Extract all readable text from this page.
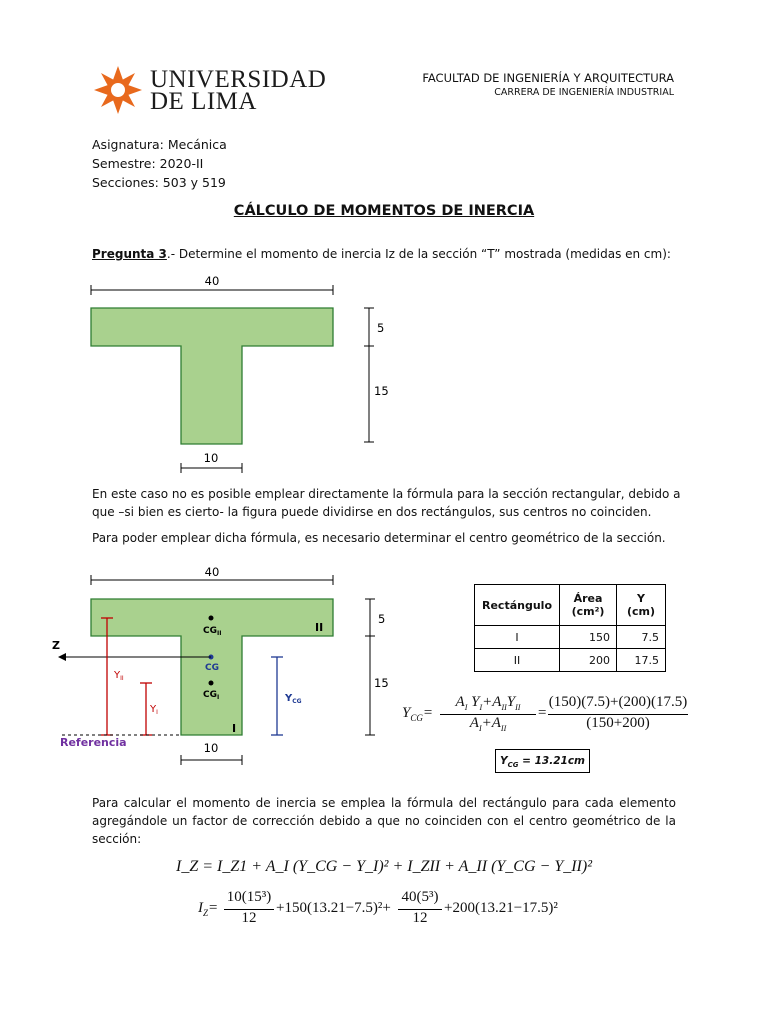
UNIVERSIDAD
DE LIMA
FACULTAD DE INGENIERÍA Y ARQUITECTURA
CARRERA DE INGENIERÍA INDUSTRIAL
Asignatura: Mecánica
Semestre: 2020-II
Secciones: 503 y 519
CÁLCULO DE MOMENTOS DE INERCIA
Pregunta 3.- Determine el momento de inercia Iz de la sección “T” mostrada (medidas en cm):
40
5
15
10
En este caso no es posible emplear directamente la fórmula para la sección rectangular, debido a que –si bien es cierto- la figura puede dividirse en dos rectángulos, sus centros no coinciden.
Para poder emplear dicha fórmula, es necesario determinar el centro geométrico de la sección.
40
5
15
10
$CG_{II}$
CG
$CG_I$
II
I
Z
$Y_{II}$
$Y_I$
$Y_{CG}$
Referencia
Rectángulo	Área (cm²)	Y (cm)
I	150	7.5
II	200	17.5
$Y_{CG}=$
$A_I$ $Y_I+A_{II}Y_{II}$
$A_I+A_{II}$
=
(150)(7.5)+(200)(17.5)
(150+200)
$Y_{CG} = 13.21cm$
Para calcular el momento de inercia se emplea la fórmula del rectángulo para cada elemento agregándole un factor de corrección debido a que no coinciden con el centro geométrico de la sección:
I_Z = I_Z1 + A_I (Y_CG − Y_I)² + I_ZII + A_II (Y_CG − Y_II)²
$I_Z=$
10(15³)
12
+150(13.21−7.5)²+
40(5³)
12
+200(13.21−17.5)²
